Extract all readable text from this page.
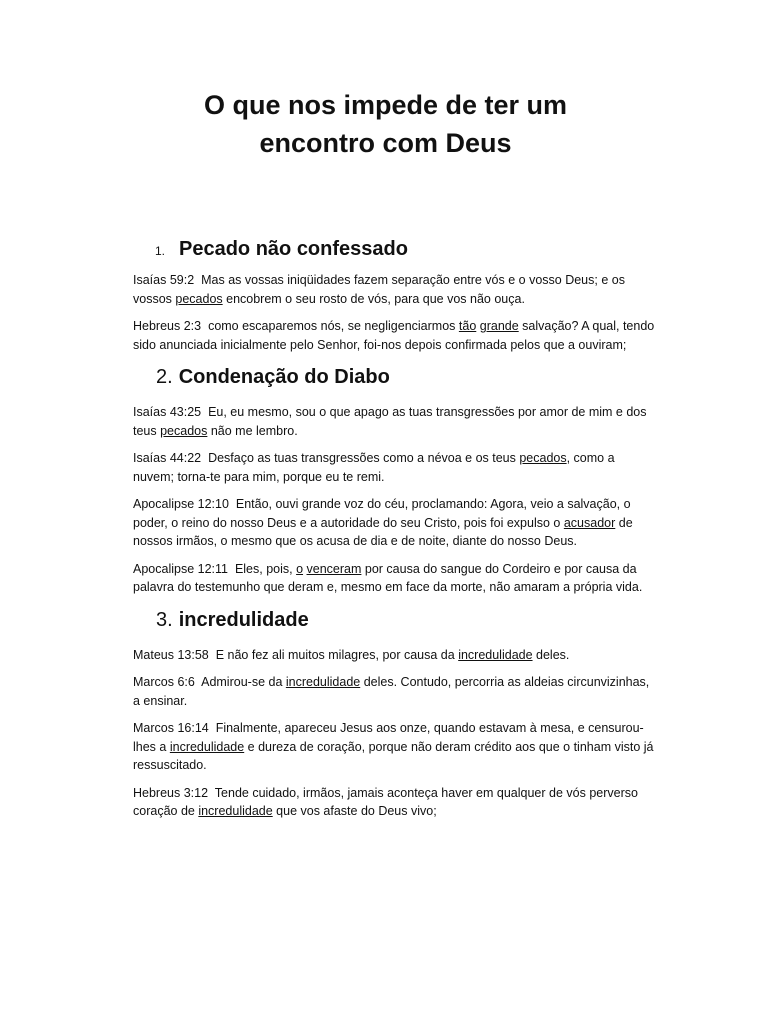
O que nos impede de ter um
encontro com Deus
1. Pecado não confessado

Isaías 59:2 Mas as vossas iniqüidades fazem separação entre vós e o vosso Deus; e os vossos pecados encobrem o seu rosto de vós, para que vos não ouça.

Hebreus 2:3 como escaparemos nós, se negligenciarmos tão grande salvação? A qual, tendo sido anunciada inicialmente pelo Senhor, foi-nos depois confirmada pelos que a ouviram;

2. Condenação do Diabo

Isaías 43:25 Eu, eu mesmo, sou o que apago as tuas transgressões por amor de mim e dos teus pecados não me lembro.

Isaías 44:22 Desfaço as tuas transgressões como a névoa e os teus pecados, como a nuvem; torna-te para mim, porque eu te remi.

Apocalipse 12:10 Então, ouvi grande voz do céu, proclamando: Agora, veio a salvação, o poder, o reino do nosso Deus e a autoridade do seu Cristo, pois foi expulso o acusador de nossos irmãos, o mesmo que os acusa de dia e de noite, diante do nosso Deus.

Apocalipse 12:11 Eles, pois, o venceram por causa do sangue do Cordeiro e por causa da palavra do testemunho que deram e, mesmo em face da morte, não amaram a própria vida.

3. incredulidade

Mateus 13:58 E não fez ali muitos milagres, por causa da incredulidade deles.

Marcos 6:6 Admirou-se da incredulidade deles. Contudo, percorria as aldeias circunvizinhas, a ensinar.

Marcos 16:14 Finalmente, apareceu Jesus aos onze, quando estavam à mesa, e censurou-lhes a incredulidade e dureza de coração, porque não deram crédito aos que o tinham visto já ressuscitado.

Hebreus 3:12 Tende cuidado, irmãos, jamais aconteça haver em qualquer de vós perverso coração de incredulidade que vos afaste do Deus vivo;
